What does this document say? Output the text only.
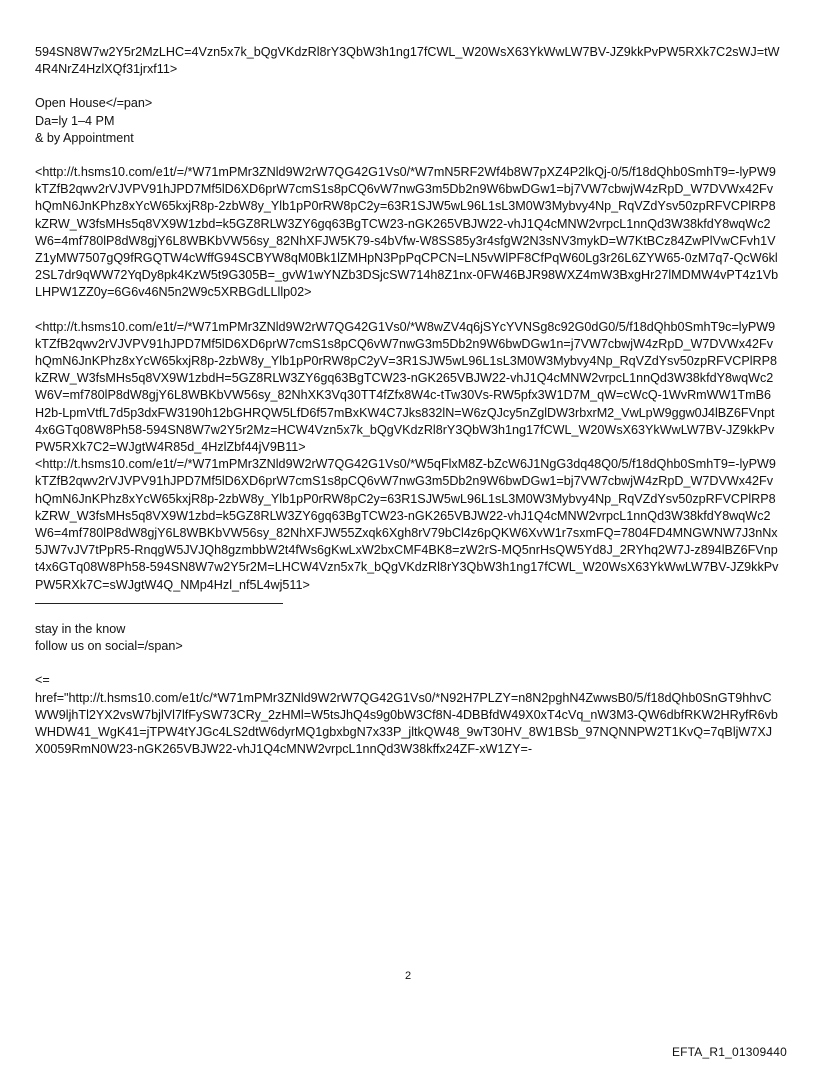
594SN8W7w2Y5r2MzLHC=4Vzn5x7k_bQgVKdzRl8rY3QbW3h1ng17fCWL_W20WsX63YkWwLW7BV-JZ9kkPvPW5RXk7C2sWJ=tW4R4NrZ4HzlXQf31jrxf11>

Open House</=pan>

Da=ly 1–4 PM

& by Appointment

<http://t.hsms10.com/e1t/=/*W71mPMr3ZNld9W2rW7QG42G1Vs0/*W7mN5RF2Wf4b8W7pXZ4P2lkQj-0/5/f18dQhb0SmhT9=-lyPW9kTZfB2qwv2rVJVPV91hJPD7Mf5lD6XD6prW7cmS1s8pCQ6vW7nwG3m5Db2n9W6bwDGw1=bj7VW7cbwjW4zRpD_W7DVWx42FvhQmN6JnKPhz8xYcW65kxjR8p-2zbW8y_Ylb1pP0rRW8pC2y=63R1SJW5wL96L1sL3M0W3Mybvy4Np_RqVZdYsv50zpRFVCPlRP8kZRW_W3fsMHs5q8VX9W1zbd=k5GZ8RLW3ZY6gq63BgTCW23-nGK265VBJW22-vhJ1Q4cMNW2vrpcL1nnQd3W38kfdY8wqWc2W6=4mf780lP8dW8gjY6L8WBKbVW56sy_82NhXFJW5K79-s4bVfw-W8SS85y3r4sfgW2N3sNV3mykD=W7KtBCz84ZwPlVwCFvh1VZ1yMW7507gQ9fRGQTW4cWffG94SCBYW8qM0Bk1lZMHpN3PpPqCPCN=LN5vWlPF8CfPqW60Lg3r26L6ZYW65-0zM7q7-QcW6kl2SL7dr9qWW72YqDy8pk4KzW5t9G305B=_gvW1wYNZb3DSjcSW714h8Z1nx-0FW46BJR98WXZ4mW3BxgHr27lMDMW4vPT4z1VbLHPW1ZZ0y=6G6v46N5n2W9c5XRBGdLLllp02>

<http://t.hsms10.com/e1t/=/*W71mPMr3ZNld9W2rW7QG42G1Vs0/*W8wZV4q6jSYcYVNSg8c92G0dG0/5/f18dQhb0SmhT9c=lyPW9kTZfB2qwv2rVJVPV91hJPD7Mf5lD6XD6prW7cmS1s8pCQ6vW7nwG3m5Db2n9W6bwDGw1n=j7VW7cbwjW4zRpD_W7DVWx42FvhQmN6JnKPhz8xYcW65kxjR8p-2zbW8y_Ylb1pP0rRW8pC2yV=3R1SJW5wL96L1sL3M0W3Mybvy4Np_RqVZdYsv50zpRFVCPlRP8kZRW_W3fsMHs5q8VX9W1zbdH=5GZ8RLW3ZY6gq63BgTCW23-nGK265VBJW22-vhJ1Q4cMNW2vrpcL1nnQd3W38kfdY8wqWc2W6V=mf780lP8dW8gjY6L8WBKbVW56sy_82NhXK3Vq30TT4fZfx8W4c-tTw30Vs-RW5pfx3W1D7M_qW=cWcQ-1WvRmWW1TmB6H2b-LpmVtfL7d5p3dxFW3190h12bGHRQW5LfD6f57mBxKW4C7Jks832lN=W6zQJcy5nZglDW3rbxrM2_VwLpW9ggw0J4lBZ6FVnpt4x6GTq08W8Ph58-594SN8W7w2Y5r2Mz=HCW4Vzn5x7k_bQgVKdzRl8rY3QbW3h1ng17fCWL_W20WsX63YkWwLW7BV-JZ9kkPvPW5RXk7C2=WJgtW4R85d_4HzlZbf44jV9B11>

<http://t.hsms10.com/e1t/=/*W71mPMr3ZNld9W2rW7QG42G1Vs0/*W5qFlxM8Z-bZcW6J1NgG3dq48Q0/5/f18dQhb0SmhT9=-lyPW9kTZfB2qwv2rVJVPV91hJPD7Mf5lD6XD6prW7cmS1s8pCQ6vW7nwG3m5Db2n9W6bwDGw1=bj7VW7cbwjW4zRpD_W7DVWx42FvhQmN6JnKPhz8xYcW65kxjR8p-2zbW8y_Ylb1pP0rRW8pC2y=63R1SJW5wL96L1sL3M0W3Mybvy4Np_RqVZdYsv50zpRFVCPlRP8kZRW_W3fsMHs5q8VX9W1zbd=k5GZ8RLW3ZY6gq63BgTCW23-nGK265VBJW22-vhJ1Q4cMNW2vrpcL1nnQd3W38kfdY8wqWc2W6=4mf780lP8dW8gjY6L8WBKbVW56sy_82NhXFJW55Zxqk6Xgh8rV79bCl4z6pQKW6XvW1r7sxmFQ=7804FD4MNGWNW7J3nNx5JW7vJV7tPpR5-RnqgW5JVJQh8gzmbbW2t4fWs6gKwLxW2bxCMF4BK8=zW2rS-MQ5nrHsQW5Yd8J_2RYhq2W7J-z894lBZ6FVnpt4x6GTq08W8Ph58-594SN8W7w2Y5r2M=LHCW4Vzn5x7k_bQgVKdzRl8rY3QbW3h1ng17fCWL_W20WsX63YkWwLW7BV-JZ9kkPvPW5RXk7C=sWJgtW4Q_NMp4Hzl_nf5L4wj511>

stay in the know

follow us on social=/span>

<=

href="http://t.hsms10.com/e1t/c/*W71mPMr3ZNld9W2rW7QG42G1Vs0/*N92H7PLZY=n8N2pghN4ZwwsB0/5/f18dQhb0SnGT9hhvCWW9ljhTl2YX2vsW7bjlVl7lfFySW73CRy_2zHMl=W5tsJhQ4s9g0bW3Cf8N-4DBBfdW49X0xT4cVq_nW3M3-QW6dbfRKW2HRyfR6vbWHDW41_WgK41=jTPW4tYJGc4LS2dtW6dyrMQ1gbxbgN7x33P_jltkQW48_9wT30HV_8W1BSb_97NQNNPW2T1KvQ=7qBljW7XJX0059RmN0W23-nGK265VBJW22-vhJ1Q4cMNW2vrpcL1nnQd3W38kffx24ZF-xW1ZY=-

2
EFTA_R1_01309440
